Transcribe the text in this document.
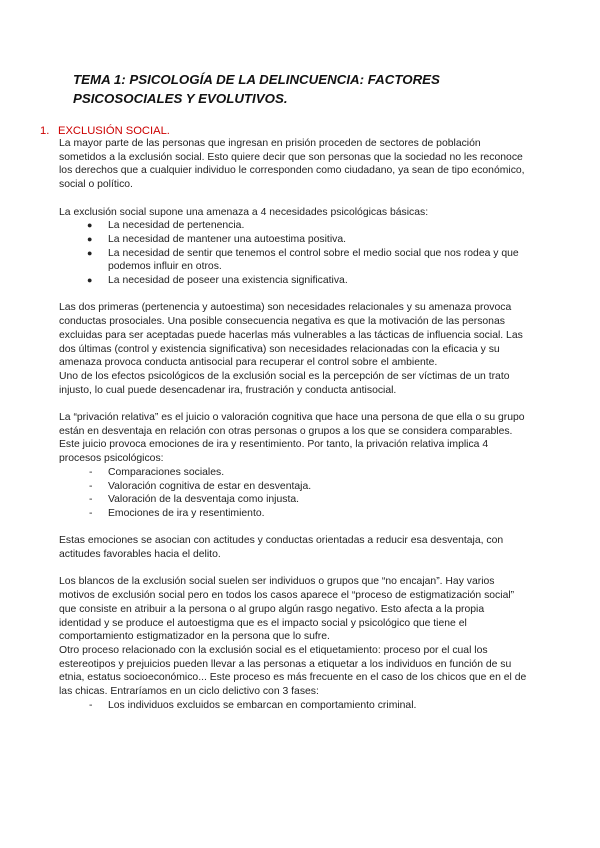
TEMA 1: PSICOLOGÍA DE LA DELINCUENCIA: FACTORES PSICOSOCIALES Y EVOLUTIVOS.
1. EXCLUSIÓN SOCIAL.

La mayor parte de las personas que ingresan en prisión proceden de sectores de población sometidos a la exclusión social. Esto quiere decir que son personas que la sociedad no les reconoce los derechos que a cualquier individuo le corresponden como ciudadano, ya sean de tipo económico, social o político.

La exclusión social supone una amenaza a 4 necesidades psicológicas básicas:

● La necesidad de pertenencia.
● La necesidad de mantener una autoestima positiva.
● La necesidad de sentir que tenemos el control sobre el medio social que nos rodea y que podemos influir en otros.
● La necesidad de poseer una existencia significativa.

Las dos primeras (pertenencia y autoestima) son necesidades relacionales y su amenaza provoca conductas prosociales. Una posible consecuencia negativa es que la motivación de las personas excluidas para ser aceptadas puede hacerlas más vulnerables a las tácticas de influencia social. Las dos últimas (control y existencia significativa) son necesidades relacionadas con la eficacia y su amenaza provoca conducta antisocial para recuperar el control sobre el ambiente.

Uno de los efectos psicológicos de la exclusión social es la percepción de ser víctimas de un trato injusto, lo cual puede desencadenar ira, frustración y conducta antisocial.

La “privación relativa” es el juicio o valoración cognitiva que hace una persona de que ella o su grupo están en desventaja en relación con otras personas o grupos a los que se considera comparables. Este juicio provoca emociones de ira y resentimiento. Por tanto, la privación relativa implica 4 procesos psicológicos:

- Comparaciones sociales.
- Valoración cognitiva de estar en desventaja.
- Valoración de la desventaja como injusta.
- Emociones de ira y resentimiento.

Estas emociones se asocian con actitudes y conductas orientadas a reducir esa desventaja, con actitudes favorables hacia el delito.

Los blancos de la exclusión social suelen ser individuos o grupos que “no encajan”. Hay varios motivos de exclusión social pero en todos los casos aparece el “proceso de estigmatización social” que consiste en atribuir a la persona o al grupo algún rasgo negativo. Esto afecta a la propia identidad y se produce el autoestigma que es el impacto social y psicológico que tiene el comportamiento estigmatizador en la persona que lo sufre.

Otro proceso relacionado con la exclusión social es el etiquetamiento: proceso por el cual los estereotipos y prejuicios pueden llevar a las personas a etiquetar a los individuos en función de su etnia, estatus socioeconómico... Este proceso es más frecuente en el caso de los chicos que en el de las chicas. Entraríamos en un ciclo delictivo con 3 fases:

- Los individuos excluidos se embarcan en comportamiento criminal.
